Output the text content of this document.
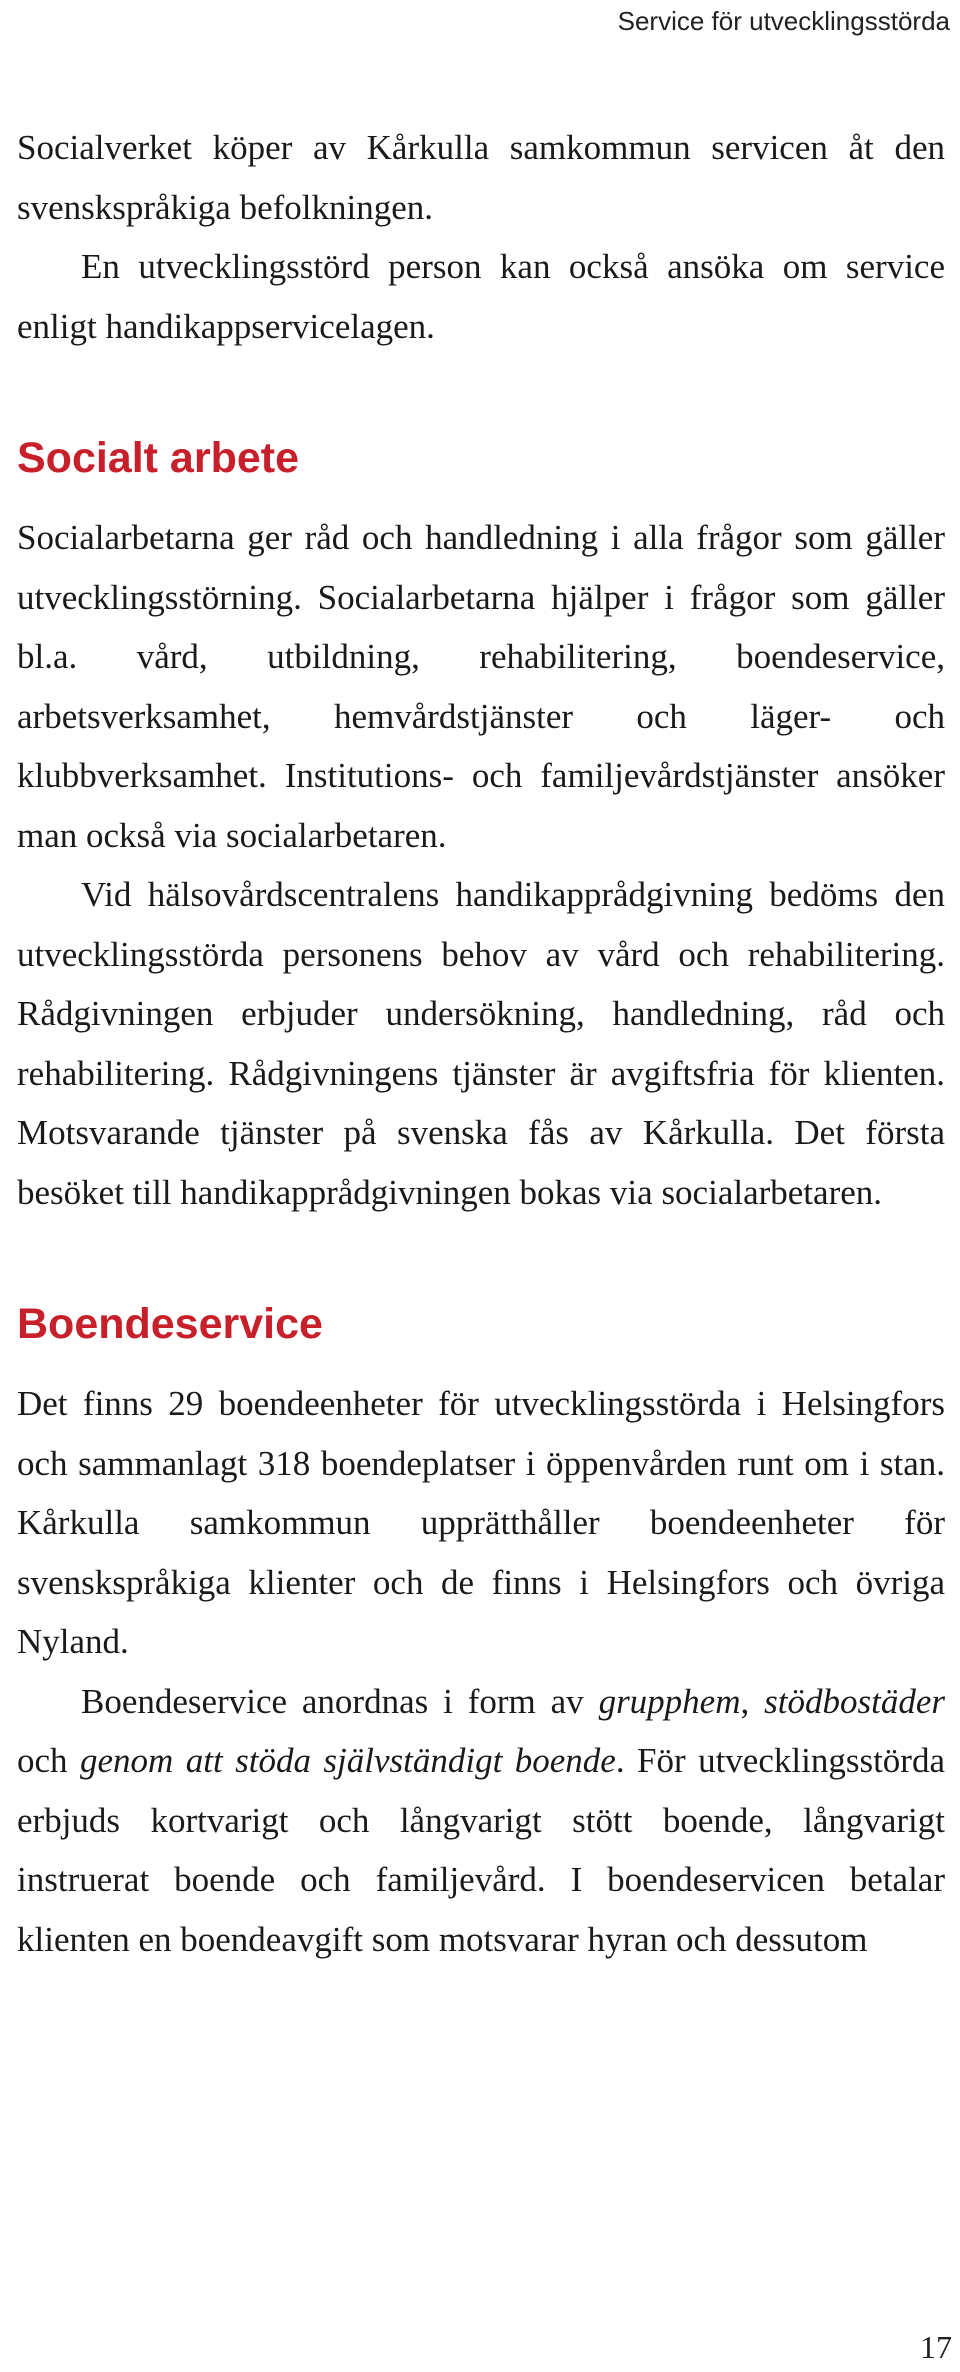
Service för utvecklingsstörda

Socialverket köper av Kårkulla samkommun servicen åt den svenskspråkiga befolkningen.

En utvecklingsstörd person kan också ansöka om service enligt handikappservicelagen.

Socialt arbete

Socialarbetarna ger råd och handledning i alla frågor som gäller utvecklingsstörning. Socialarbetarna hjälper i frågor som gäller bl.a. vård, utbildning, rehabilitering, boendeservice, arbetsverksamhet, hemvårdstjänster och läger- och klubbverksamhet. Institutions- och familjevårdstjänster ansöker man också via socialarbetaren.

Vid hälsovårdscentralens handikapprådgivning bedöms den utvecklingsstörda personens behov av vård och rehabilitering. Rådgivningen erbjuder undersökning, handledning, råd och rehabilitering. Rådgivningens tjänster är avgiftsfria för klienten. Motsvarande tjänster på svenska fås av Kårkulla. Det första besöket till handikapprådgivningen bokas via socialarbetaren.

Boendeservice

Det finns 29 boendeenheter för utvecklingsstörda i Helsingfors och sammanlagt 318 boendeplatser i öppenvården runt om i stan. Kårkulla samkommun upprätthåller boendeenheter för svenskspråkiga klienter och de finns i Helsingfors och övriga Nyland.

Boendeservice anordnas i form av grupphem, stödbostäder och genom att stöda självständigt boende. För utvecklingsstörda erbjuds kortvarigt och långvarigt stött boende, långvarigt instruerat boende och familjevård. I boendeservicen betalar klienten en boendeavgift som motsvarar hyran och dessutom

17
